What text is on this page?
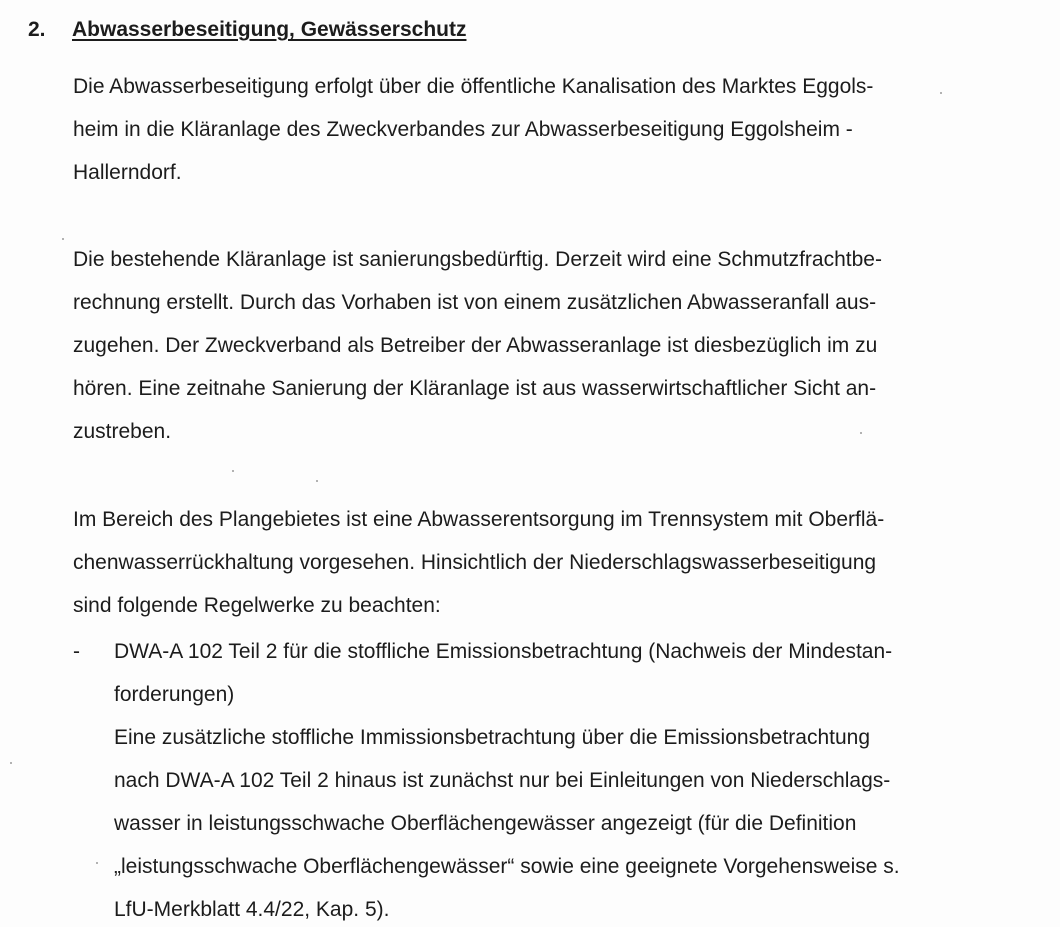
2. Abwasserbeseitigung, Gewässerschutz

Die Abwasserbeseitigung erfolgt über die öffentliche Kanalisation des Marktes Eggols-
heim in die Kläranlage des Zweckverbandes zur Abwasserbeseitigung Eggolsheim -
Hallerndorf.

Die bestehende Kläranlage ist sanierungsbedürftig. Derzeit wird eine Schmutzfrachtbe-
rechnung erstellt. Durch das Vorhaben ist von einem zusätzlichen Abwasseranfall aus-
zugehen. Der Zweckverband als Betreiber der Abwasseranlage ist diesbezüglich im zu
hören. Eine zeitnahe Sanierung der Kläranlage ist aus wasserwirtschaftlicher Sicht an-
zustreben.

Im Bereich des Plangebietes ist eine Abwasserentsorgung im Trennsystem mit Oberflä-
chenwasserrückhaltung vorgesehen. Hinsichtlich der Niederschlagswasserbeseitigung
sind folgende Regelwerke zu beachten:

- DWA-A 102 Teil 2 für die stoffliche Emissionsbetrachtung (Nachweis der Mindestan-
forderungen)
Eine zusätzliche stoffliche Immissionsbetrachtung über die Emissionsbetrachtung
nach DWA-A 102 Teil 2 hinaus ist zunächst nur bei Einleitungen von Niederschlags-
wasser in leistungsschwache Oberflächengewässer angezeigt (für die Definition
„leistungsschwache Oberflächengewässer“ sowie eine geeignete Vorgehensweise s.
LfU-Merkblatt 4.4/22, Kap. 5).
